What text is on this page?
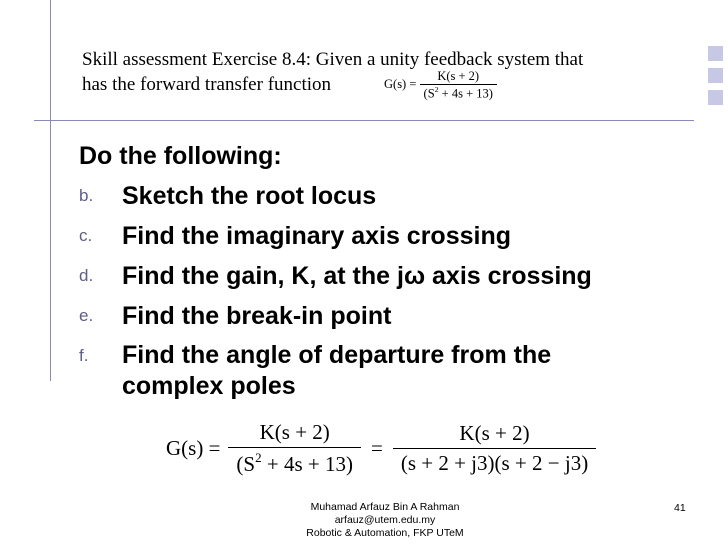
Skill assessment Exercise 8.4: Given a unity feedback system that
has the forward transfer function	$G(s) = \frac{K(s + 2)}{(S^2 + 4s + 13)}$
Do the following:
b. Sketch the root locus
c. Find the imaginary axis crossing
d. Find the gain, K, at the jω axis crossing
e. Find the break-in point
f. Find the angle of departure from the complex poles
$G(s) = \frac{K(s + 2)}{(S^2 + 4s + 13)} = \frac{K(s + 2)}{(s + 2 + j3)(s + 2 - j3)}$
Muhamad Arfauz Bin A Rahman
arfauz@utem.edu.my
Robotic & Automation, FKP UTeM
41
